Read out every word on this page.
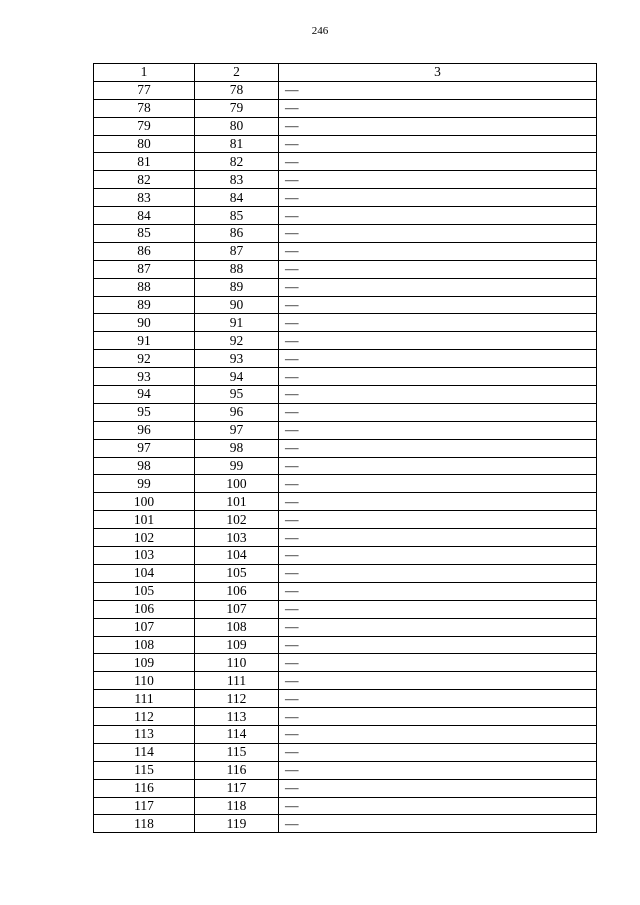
246
1	2	3
77	78	—
78	79	—
79	80	—
80	81	—
81	82	—
82	83	—
83	84	—
84	85	—
85	86	—
86	87	—
87	88	—
88	89	—
89	90	—
90	91	—
91	92	—
92	93	—
93	94	—
94	95	—
95	96	—
96	97	—
97	98	—
98	99	—
99	100	—
100	101	—
101	102	—
102	103	—
103	104	—
104	105	—
105	106	—
106	107	—
107	108	—
108	109	—
109	110	—
110	111	—
111	112	—
112	113	—
113	114	—
114	115	—
115	116	—
116	117	—
117	118	—
118	119	—
